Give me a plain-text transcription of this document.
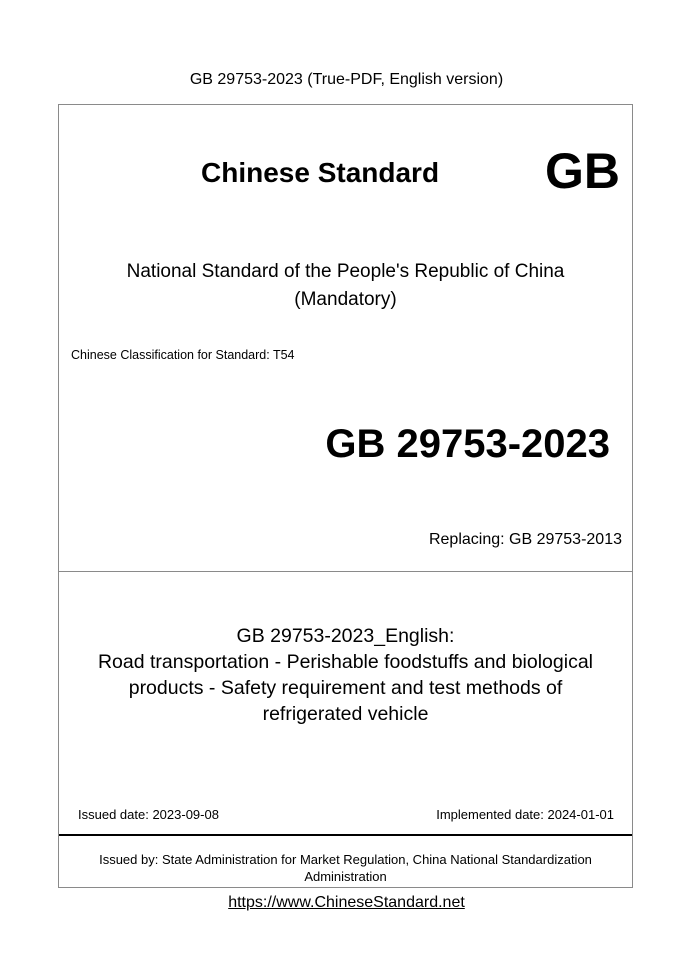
GB 29753-2023 (True-PDF, English version)
Chinese Standard GB
National Standard of the People's Republic of China
(Mandatory)
Chinese Classification for Standard: T54
GB 29753-2023
Replacing: GB 29753-2013
GB 29753-2023_English:
Road transportation - Perishable foodstuffs and biological
products - Safety requirement and test methods of
refrigerated vehicle
Issued date: 2023-09-08	Implemented date: 2024-01-01
Issued by: State Administration for Market Regulation, China National Standardization
Administration
https://www.ChineseStandard.net
